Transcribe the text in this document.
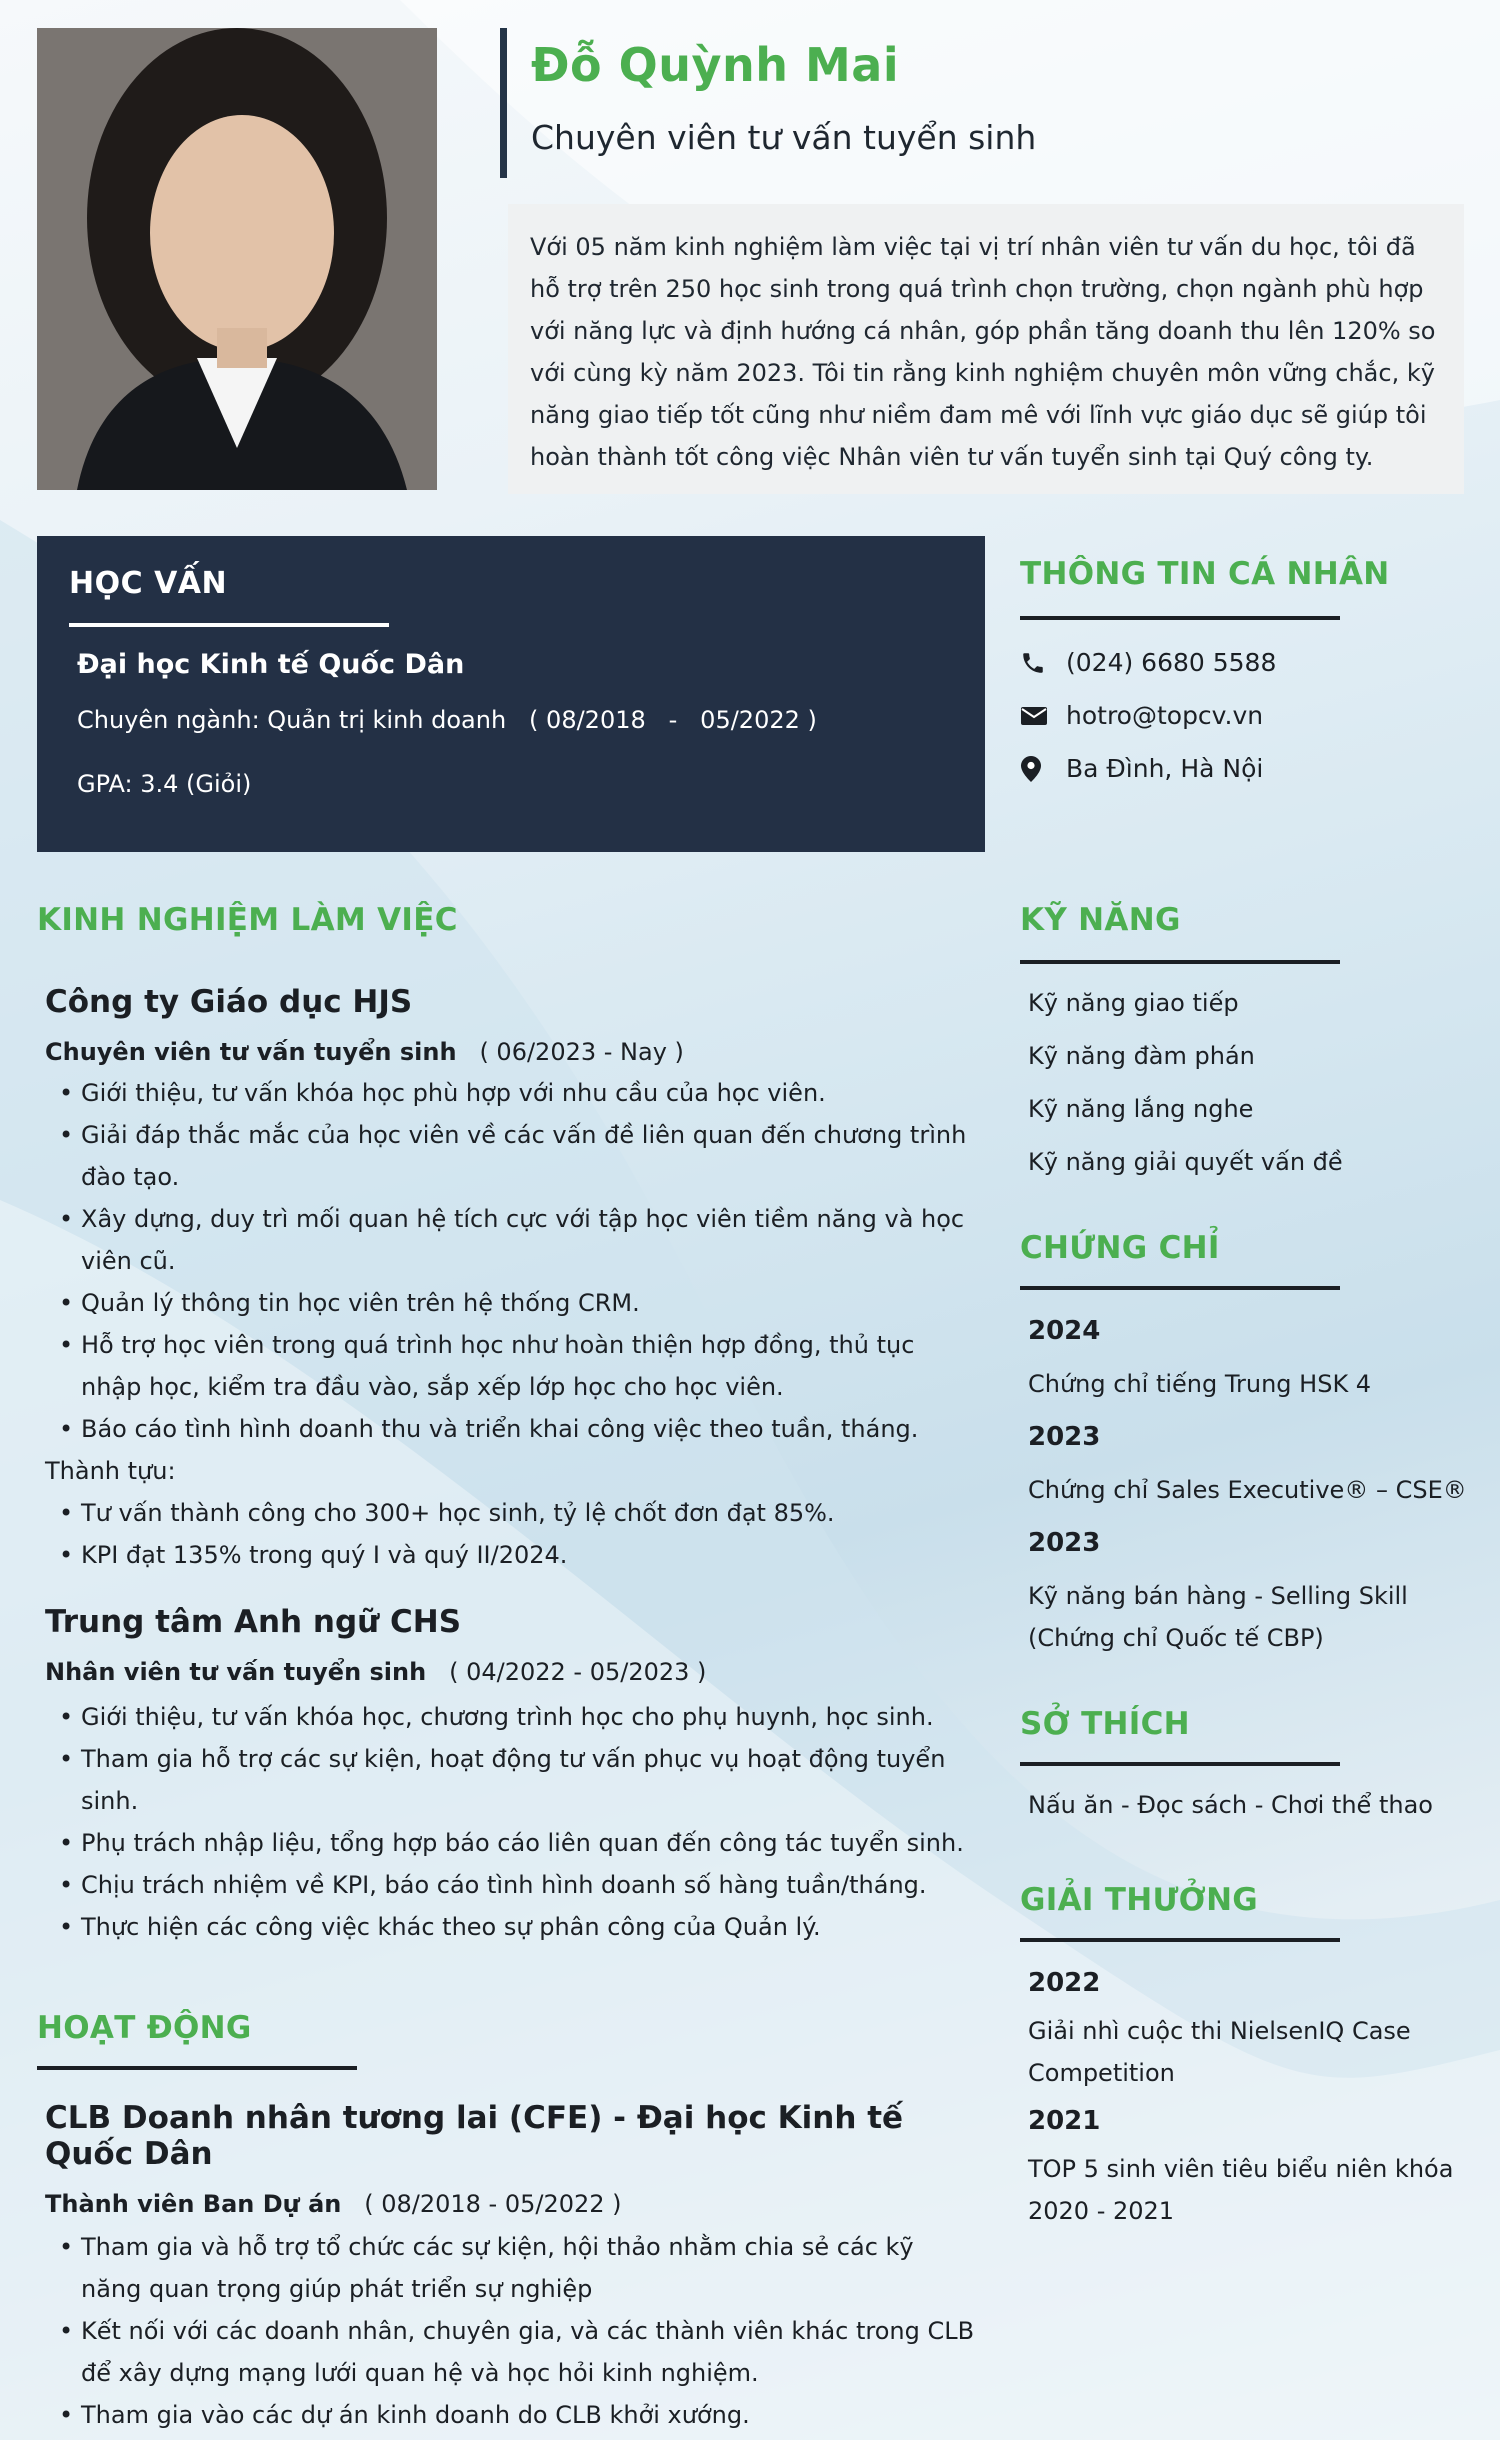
Đỗ Quỳnh Mai
Chuyên viên tư vấn tuyển sinh
Với 05 năm kinh nghiệm làm việc tại vị trí nhân viên tư vấn du học, tôi đã hỗ trợ trên 250 học sinh trong quá trình chọn trường, chọn ngành phù hợp với năng lực và định hướng cá nhân, góp phần tăng doanh thu lên 120% so với cùng kỳ năm 2023. Tôi tin rằng kinh nghiệm chuyên môn vững chắc, kỹ năng giao tiếp tốt cũng như niềm đam mê với lĩnh vực giáo dục sẽ giúp tôi hoàn thành tốt công việc Nhân viên tư vấn tuyển sinh tại Quý công ty.
HỌC VẤN
Đại học Kinh tế Quốc Dân
Chuyên ngành: Quản trị kinh doanh   ( 08/2018   -   05/2022 )
GPA: 3.4 (Giỏi)
THÔNG TIN CÁ NHÂN
(024) 6680 5588
hotro@topcv.vn
Ba Đình, Hà Nội
KINH NGHIỆM LÀM VIỆC
Công ty Giáo dục HJS
Chuyên viên tư vấn tuyển sinh ( 06/2023 - Nay )
• Giới thiệu, tư vấn khóa học phù hợp với nhu cầu của học viên.
• Giải đáp thắc mắc của học viên về các vấn đề liên quan đến chương trình đào tạo.
• Xây dựng, duy trì mối quan hệ tích cực với tập học viên tiềm năng và học viên cũ.
• Quản lý thông tin học viên trên hệ thống CRM.
• Hỗ trợ học viên trong quá trình học như hoàn thiện hợp đồng, thủ tục nhập học, kiểm tra đầu vào, sắp xếp lớp học cho học viên.
• Báo cáo tình hình doanh thu và triển khai công việc theo tuần, tháng.
Thành tựu:
• Tư vấn thành công cho 300+ học sinh, tỷ lệ chốt đơn đạt 85%.
• KPI đạt 135% trong quý I và quý II/2024.
Trung tâm Anh ngữ CHS
Nhân viên tư vấn tuyển sinh ( 04/2022 - 05/2023 )
• Giới thiệu, tư vấn khóa học, chương trình học cho phụ huynh, học sinh.
• Tham gia hỗ trợ các sự kiện, hoạt động tư vấn phục vụ hoạt động tuyển sinh.
• Phụ trách nhập liệu, tổng hợp báo cáo liên quan đến công tác tuyển sinh.
• Chịu trách nhiệm về KPI, báo cáo tình hình doanh số hàng tuần/tháng.
• Thực hiện các công việc khác theo sự phân công của Quản lý.
HOẠT ĐỘNG
CLB Doanh nhân tương lai (CFE) - Đại học Kinh tế Quốc Dân
Thành viên Ban Dự án ( 08/2018 - 05/2022 )
• Tham gia và hỗ trợ tổ chức các sự kiện, hội thảo nhằm chia sẻ các kỹ năng quan trọng giúp phát triển sự nghiệp
• Kết nối với các doanh nhân, chuyên gia, và các thành viên khác trong CLB để xây dựng mạng lưới quan hệ và học hỏi kinh nghiệm.
• Tham gia vào các dự án kinh doanh do CLB khởi xướng.
KỸ NĂNG
Kỹ năng giao tiếp
Kỹ năng đàm phán
Kỹ năng lắng nghe
Kỹ năng giải quyết vấn đề
CHỨNG CHỈ
2024
Chứng chỉ tiếng Trung HSK 4
2023
Chứng chỉ Sales Executive® – CSE®
2023
Kỹ năng bán hàng - Selling Skill (Chứng chỉ Quốc tế CBP)
SỞ THÍCH
Nấu ăn - Đọc sách - Chơi thể thao
GIẢI THƯỞNG
2022
Giải nhì cuộc thi NielsenIQ Case Competition
2021
TOP 5 sinh viên tiêu biểu niên khóa 2020 - 2021
